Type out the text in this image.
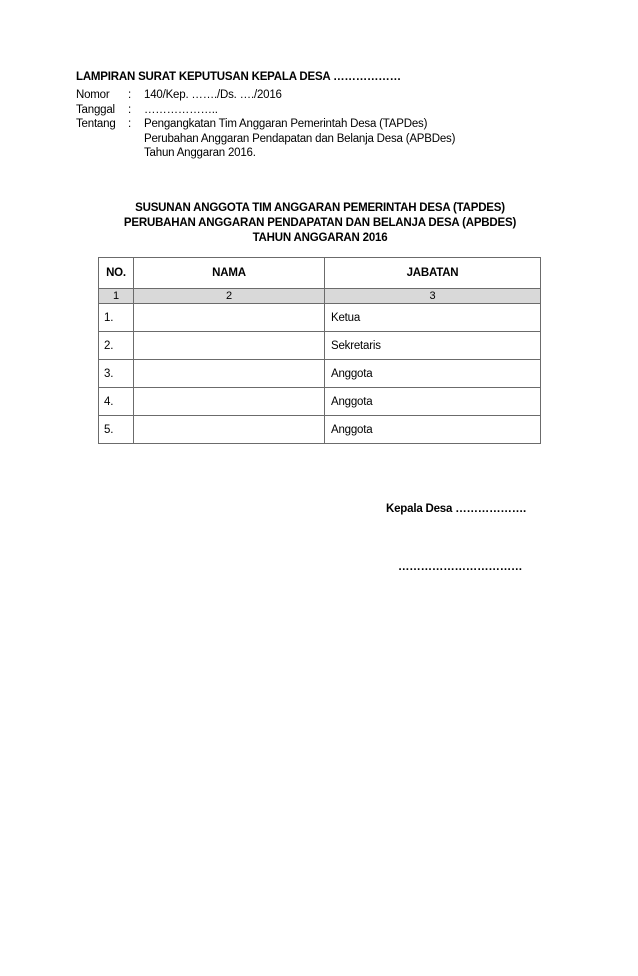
LAMPIRAN SURAT KEPUTUSAN KEPALA DESA ………………
Nomor	:	140/Kep. ……./Ds. …./2016
Tanggal	:	………………..
Tentang	:	Pengangkatan Tim Anggaran Pemerintah Desa (TAPDes)
Perubahan Anggaran Pendapatan dan Belanja Desa (APBDes)
Tahun Anggaran 2016.
SUSUNAN ANGGOTA TIM ANGGARAN PEMERINTAH DESA (TAPDES)
PERUBAHAN ANGGARAN PENDAPATAN DAN BELANJA DESA (APBDES)
TAHUN ANGGARAN 2016
NO.	NAMA	JABATAN
1	2	3
1.		Ketua
2.		Sekretaris
3.		Anggota
4.		Anggota
5.		Anggota
Kepala Desa ……………….
……………………………
